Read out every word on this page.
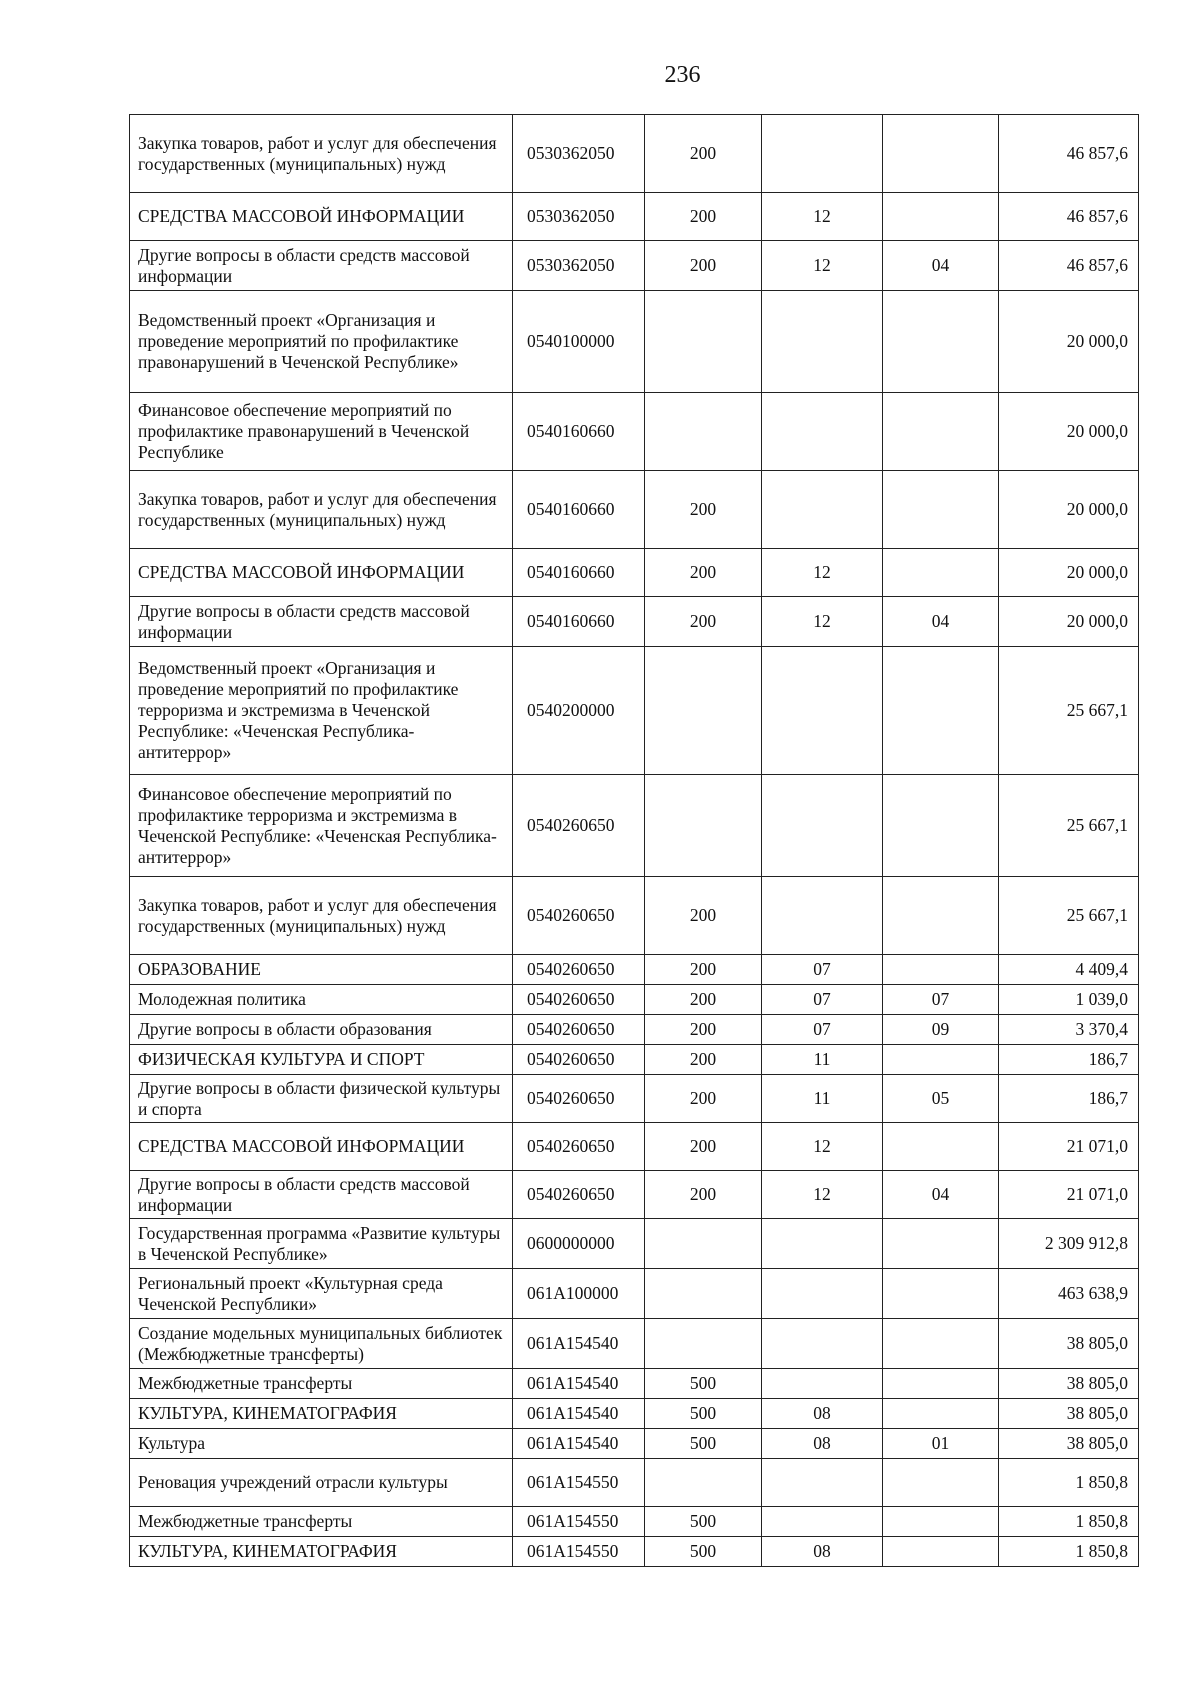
236
Закупка товаров, работ и услуг для обеспечения государственных (муниципальных) нужд	0530362050	200			46 857,6
СРЕДСТВА МАССОВОЙ ИНФОРМАЦИИ	0530362050	200	12		46 857,6
Другие вопросы в области средств массовой информации	0530362050	200	12	04	46 857,6
Ведомственный проект «Организация и проведение мероприятий по профилактике правонарушений в Чеченской Республике»	0540100000				20 000,0
Финансовое обеспечение мероприятий по профилактике правонарушений в Чеченской Республике	0540160660				20 000,0
Закупка товаров, работ и услуг для обеспечения государственных (муниципальных) нужд	0540160660	200			20 000,0
СРЕДСТВА МАССОВОЙ ИНФОРМАЦИИ	0540160660	200	12		20 000,0
Другие вопросы в области средств массовой информации	0540160660	200	12	04	20 000,0
Ведомственный проект «Организация и проведение мероприятий по профилактике терроризма и экстремизма в Чеченской Республике: «Чеченская Республика-антитеррор»	0540200000				25 667,1
Финансовое обеспечение мероприятий по профилактике терроризма и экстремизма в Чеченской Республике: «Чеченская Республика-антитеррор»	0540260650				25 667,1
Закупка товаров, работ и услуг для обеспечения государственных (муниципальных) нужд	0540260650	200			25 667,1
ОБРАЗОВАНИЕ	0540260650	200	07		4 409,4
Молодежная политика	0540260650	200	07	07	1 039,0
Другие вопросы в области образования	0540260650	200	07	09	3 370,4
ФИЗИЧЕСКАЯ КУЛЬТУРА И СПОРТ	0540260650	200	11		186,7
Другие вопросы в области физической культуры и спорта	0540260650	200	11	05	186,7
СРЕДСТВА МАССОВОЙ ИНФОРМАЦИИ	0540260650	200	12		21 071,0
Другие вопросы в области средств массовой информации	0540260650	200	12	04	21 071,0
Государственная программа «Развитие культуры в Чеченской Республике»	0600000000				2 309 912,8
Региональный проект «Культурная среда Чеченской Республики»	061A100000				463 638,9
Создание модельных муниципальных библиотек (Межбюджетные трансферты)	061A154540				38 805,0
Межбюджетные трансферты	061A154540	500			38 805,0
КУЛЬТУРА, КИНЕМАТОГРАФИЯ	061A154540	500	08		38 805,0
Культура	061A154540	500	08	01	38 805,0
Реновация учреждений отрасли культуры	061A154550				1 850,8
Межбюджетные трансферты	061A154550	500			1 850,8
КУЛЬТУРА, КИНЕМАТОГРАФИЯ	061A154550	500	08		1 850,8
